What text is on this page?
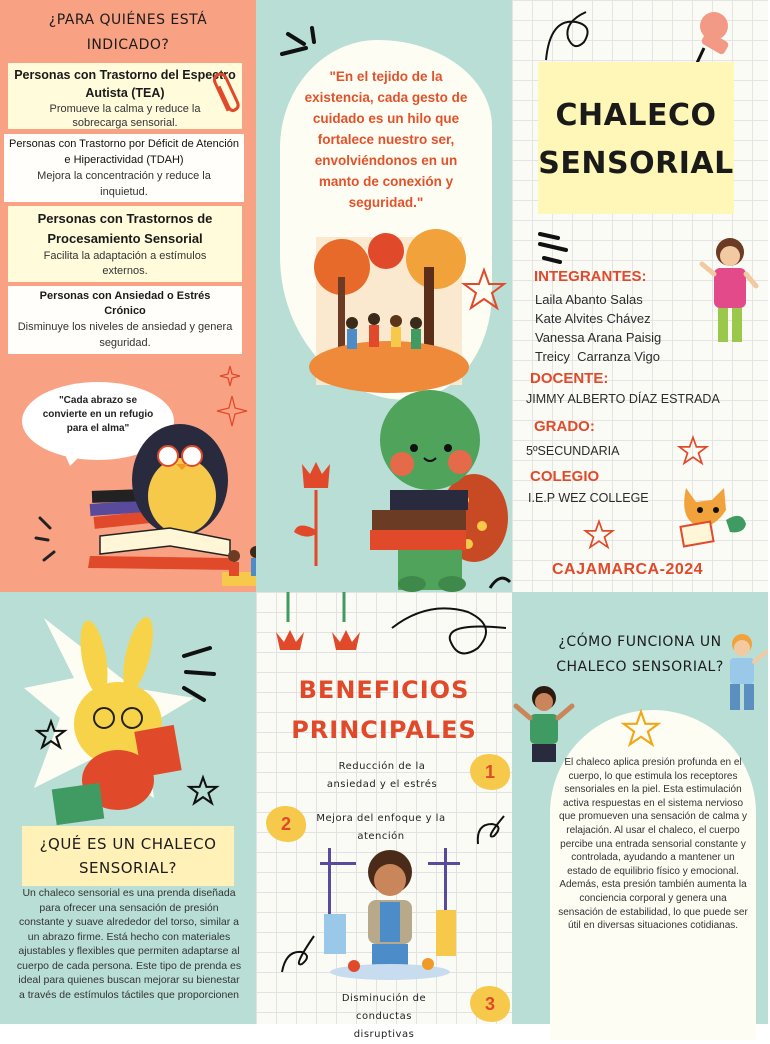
¿PARA QUIÉNES ESTÁ INDICADO?
Personas con Trastorno del Espectro Autista (TEA)
Promueve la calma y reduce la sobrecarga sensorial.
Personas con Trastorno por Déficit de Atención e Hiperactividad (TDAH)
Mejora la concentración y reduce la inquietud.
Personas con Trastornos de Procesamiento Sensorial
Facilita la adaptación a estímulos externos.
Personas con Ansiedad o Estrés Crónico
Disminuye los niveles de ansiedad y genera seguridad.
"Cada abrazo se convierte en un refugio para el alma"
"En el tejido de la existencia, cada gesto de cuidado es un hilo que fortalece nuestro ser, envolviéndonos en un manto de conexión y seguridad."
CHALECO
SENSORIAL
INTEGRANTES:
Laila Abanto Salas
Kate Alvites Chávez
Vanessa Arana Paisig
Treicy  Carranza Vigo
DOCENTE:
JIMMY ALBERTO DÍAZ ESTRADA
GRADO:
5ºSECUNDARIA
COLEGIO
I.E.P WEZ COLLEGE
CAJAMARCA-2024
¿QUÉ ES UN CHALECO SENSORIAL?
Un chaleco sensorial es una prenda diseñada para ofrecer una sensación de presión constante y suave alrededor del torso, similar a un abrazo firme. Está hecho con materiales ajustables y flexibles que permiten adaptarse al cuerpo de cada persona. Este tipo de prenda es ideal para quienes buscan mejorar su bienestar a través de estímulos táctiles que proporcionen
BENEFICIOS
PRINCIPALES
Reducción de la ansiedad y el estrés
1
2	Mejora del enfoque y la atención
Disminución de conductas disruptivas
3
¿CÓMO FUNCIONA UN CHALECO SENSORIAL?
El chaleco aplica presión profunda en el cuerpo, lo que estimula los receptores sensoriales en la piel. Esta estimulación activa respuestas en el sistema nervioso que promueven una sensación de calma y relajación. Al usar el chaleco, el cuerpo percibe una entrada sensorial constante y controlada, ayudando a mantener un estado de equilibrio físico y emocional. Además, esta presión también aumenta la conciencia corporal y genera una sensación de estabilidad, lo que puede ser útil en diversas situaciones cotidianas.
